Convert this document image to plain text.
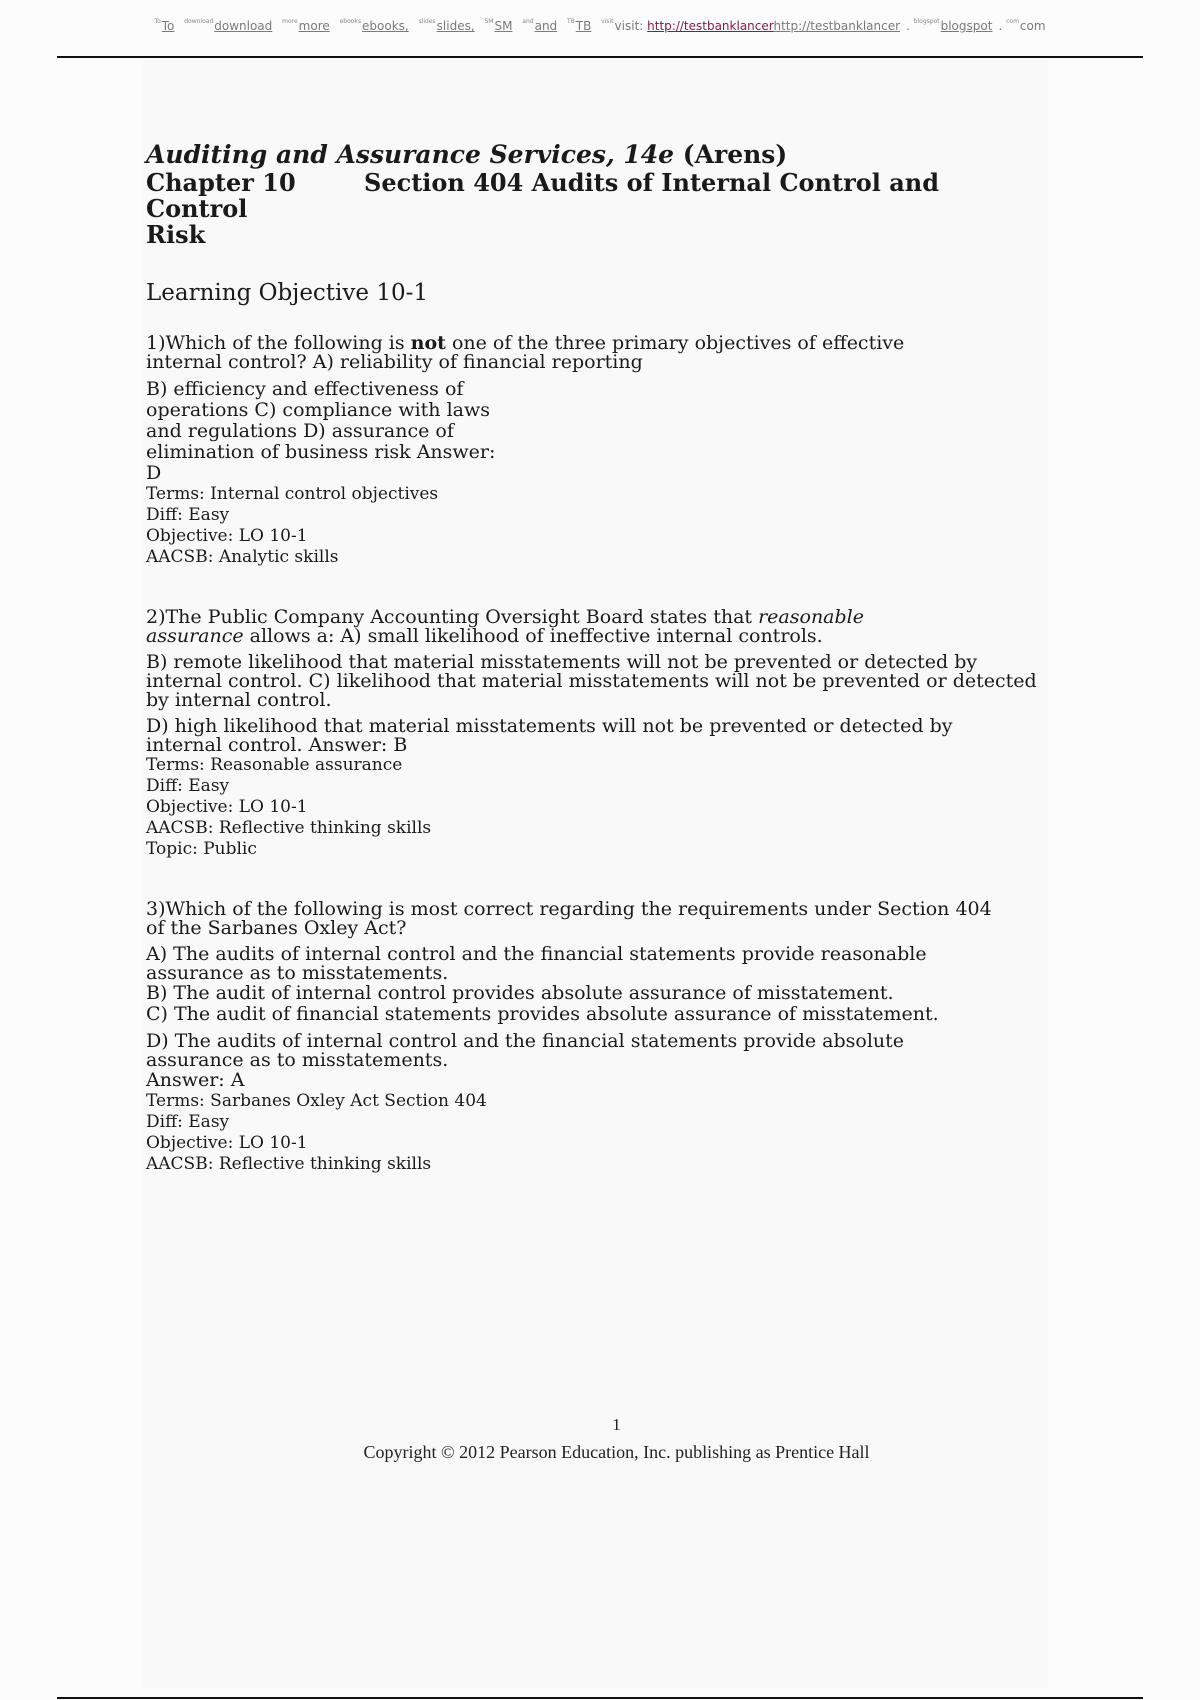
$^{To}$To $^{download}$download $^{more}$more $^{ebooks}$ebooks, $^{slides}$slides, ℠SM $^{and}$and $^{TB}$TB $^{visit}$visit: http://testbanklancerhttp://testbanklancer . $^{blogspot}$blogspot . $^{com}$com

Auditing and Assurance Services, 14e (Arens)

Chapter 10	Section 404 Audits of Internal Control and Control

Risk

Learning Objective 10-1

1)Which of the following is not one of the three primary objectives of effective

internal control? A) reliability of financial reporting

B) efficiency and effectiveness of

operations C) compliance with laws

and regulations D) assurance of

elimination of business risk Answer:

D

Terms: Internal control objectives

Diff: Easy

Objective: LO 10-1

AACSB: Analytic skills

2)The Public Company Accounting Oversight Board states that reasonable

assurance allows a: A) small likelihood of ineffective internal controls.

B) remote likelihood that material misstatements will not be prevented or detected by

internal control. C) likelihood that material misstatements will not be prevented or detected

by internal control.

D) high likelihood that material misstatements will not be prevented or detected by

internal control. Answer: B

Terms: Reasonable assurance

Diff: Easy

Objective: LO 10-1

AACSB: Reflective thinking skills

Topic: Public

3)Which of the following is most correct regarding the requirements under Section 404

of the Sarbanes Oxley Act?

A) The audits of internal control and the financial statements provide reasonable

assurance as to misstatements.

B) The audit of internal control provides absolute assurance of misstatement.

C) The audit of financial statements provides absolute assurance of misstatement.

D) The audits of internal control and the financial statements provide absolute

assurance as to misstatements.

Answer: A

Terms: Sarbanes Oxley Act Section 404

Diff: Easy

Objective: LO 10-1

AACSB: Reflective thinking skills

1
Copyright © 2012 Pearson Education, Inc. publishing as Prentice Hall
